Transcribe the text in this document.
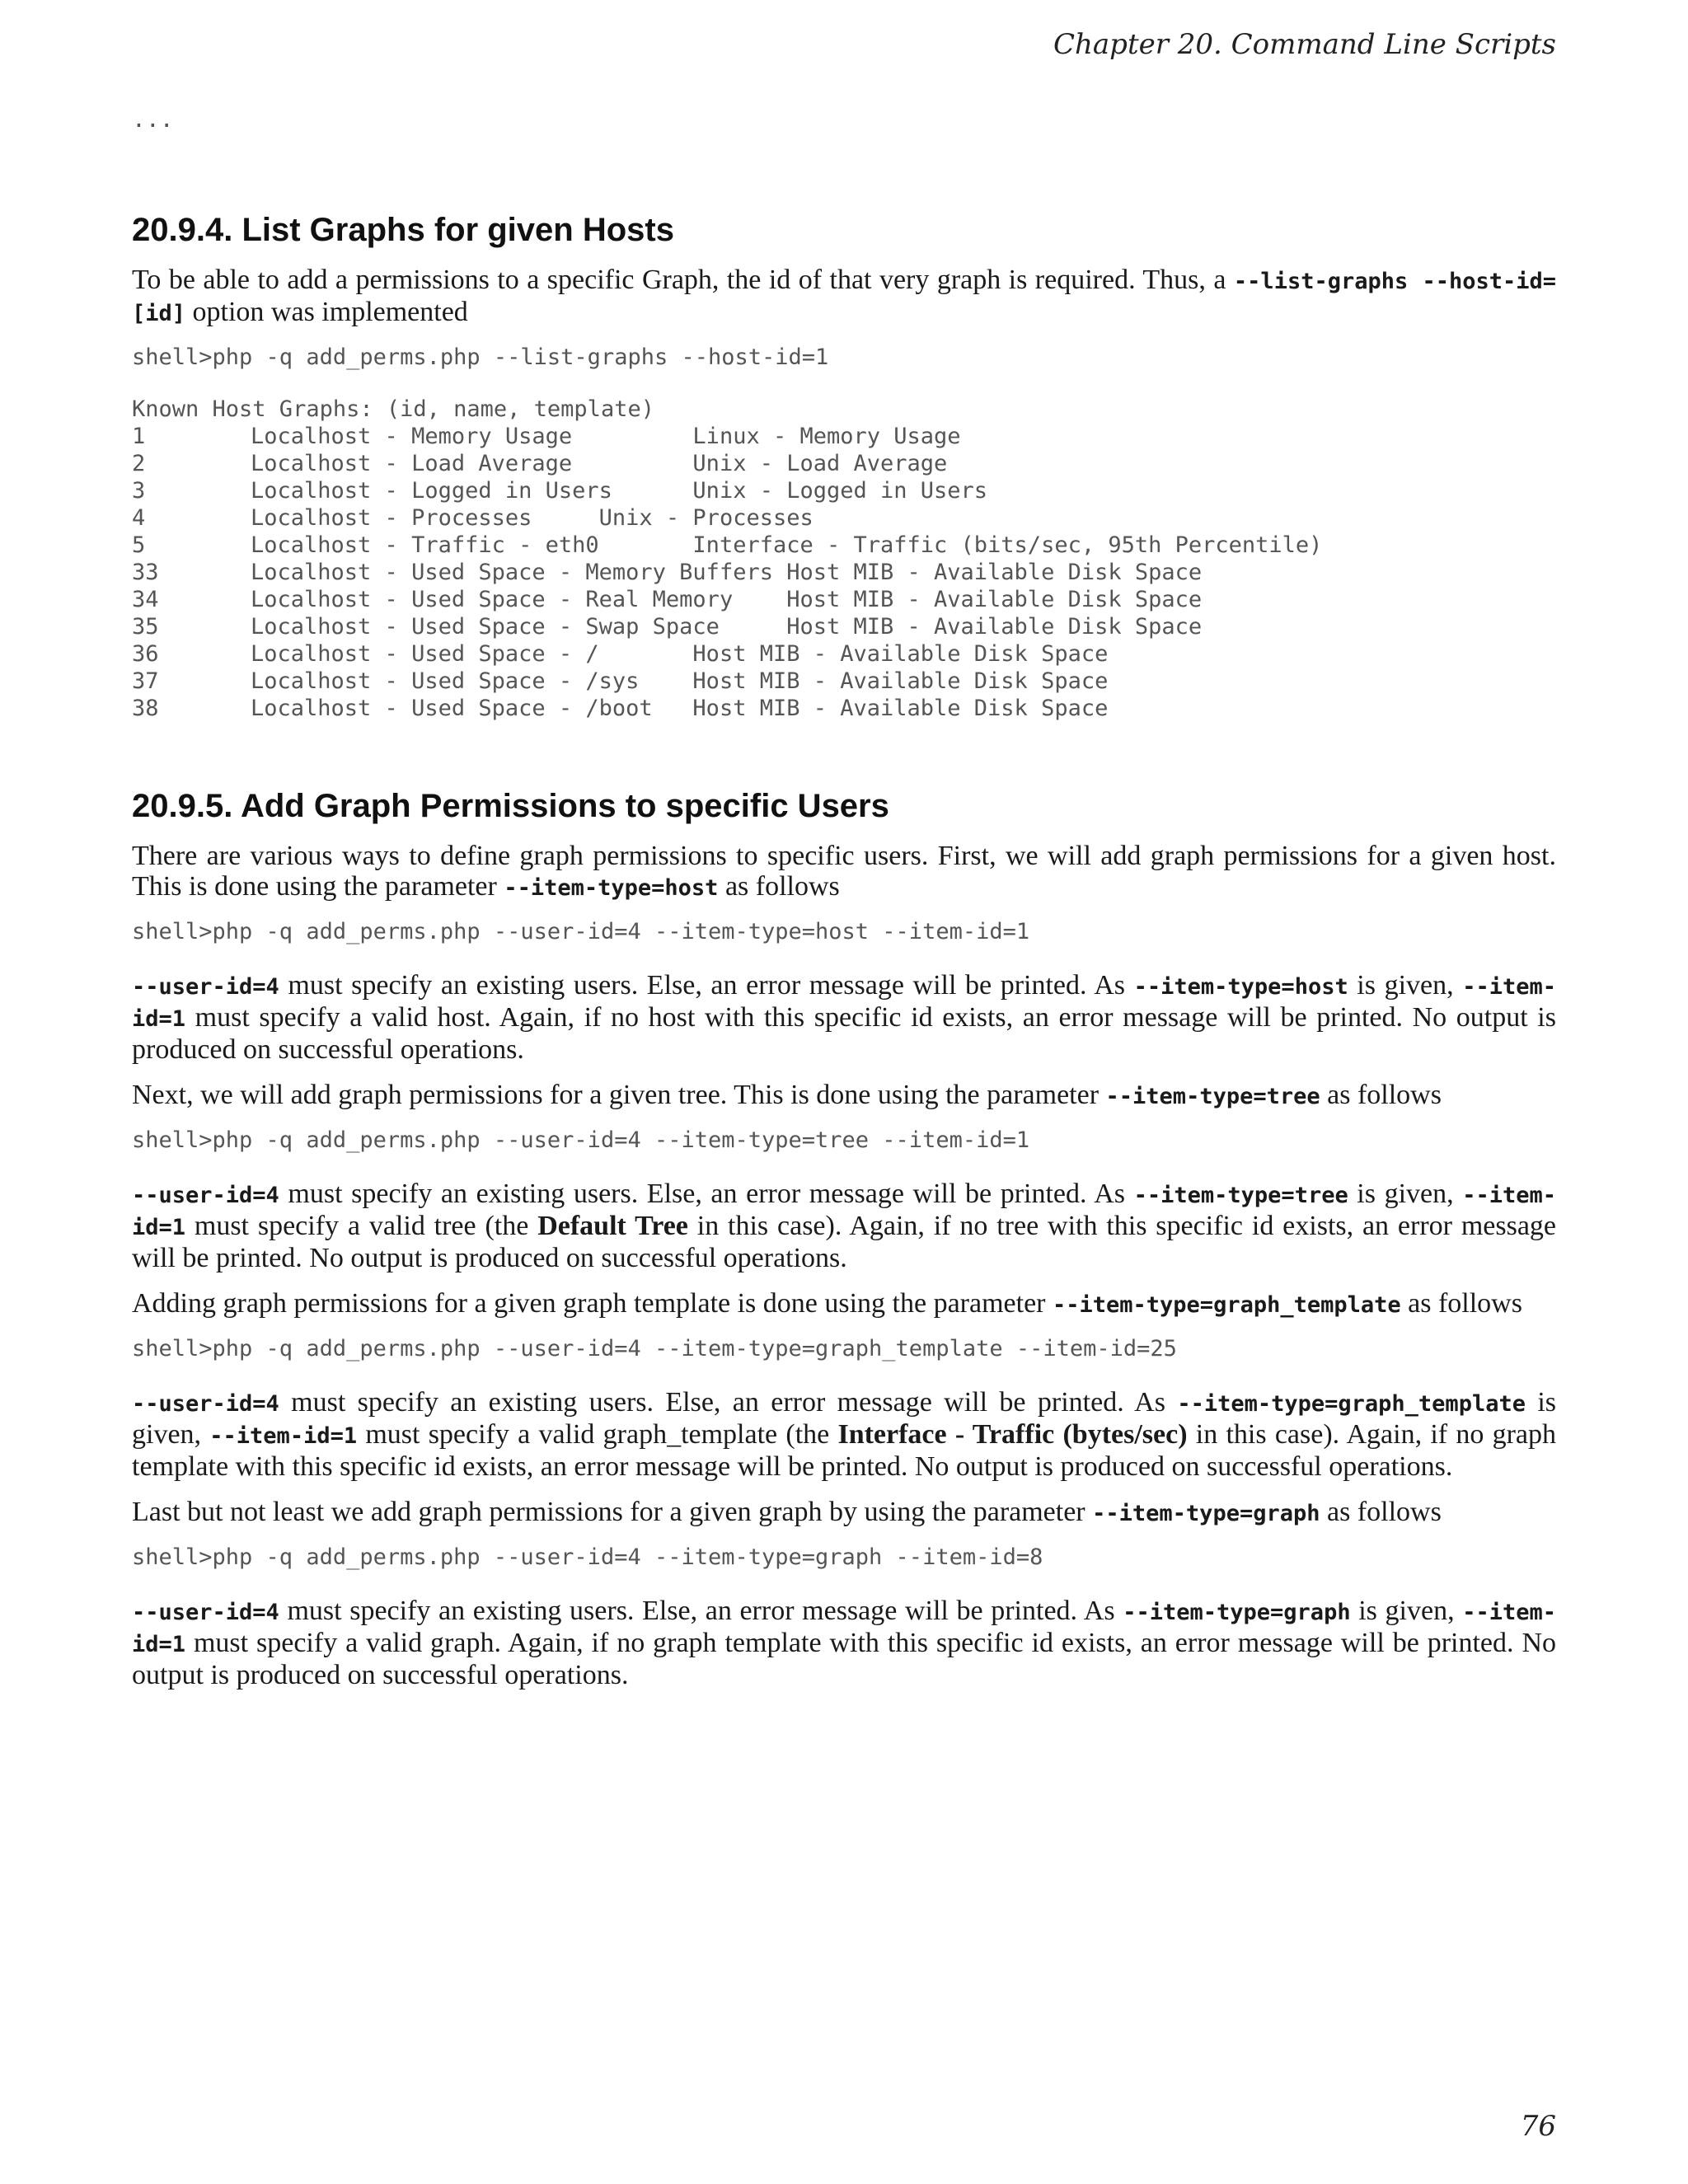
Chapter 20. Command Line Scripts
...
20.9.4. List Graphs for given Hosts

To be able to add a permissions to a specific Graph, the id of that very graph is required. Thus, a --list-graphs --host-id=[id] option was implemented

shell>php -q add_perms.php --list-graphs --host-id=1
Known Host Graphs: (id, name, template)
1	Localhost - Memory Usage         Linux - Memory Usage
2	Localhost - Load Average         Unix - Load Average
3	Localhost - Logged in Users      Unix - Logged in Users
4	Localhost - Processes     Unix - Processes
5	Localhost - Traffic - eth0       Interface - Traffic (bits/sec, 95th Percentile)
33	Localhost - Used Space - Memory Buffers Host MIB - Available Disk Space
34	Localhost - Used Space - Real Memory    Host MIB - Available Disk Space
35	Localhost - Used Space - Swap Space     Host MIB - Available Disk Space
36	Localhost - Used Space - /       Host MIB - Available Disk Space
37	Localhost - Used Space - /sys    Host MIB - Available Disk Space
38	Localhost - Used Space - /boot   Host MIB - Available Disk Space
20.9.5. Add Graph Permissions to specific Users

There are various ways to define graph permissions to specific users. First, we will add graph permissions for a given host. This is done using the parameter --item-type=host as follows

shell>php -q add_perms.php --user-id=4 --item-type=host --item-id=1

--user-id=4 must specify an existing users. Else, an error message will be printed. As --item-type=host is given, --item-id=1 must specify a valid host. Again, if no host with this specific id exists, an error message will be printed. No output is produced on successful operations.

Next, we will add graph permissions for a given tree. This is done using the parameter --item-type=tree as follows

shell>php -q add_perms.php --user-id=4 --item-type=tree --item-id=1

--user-id=4 must specify an existing users. Else, an error message will be printed. As --item-type=tree is given, --item-id=1 must specify a valid tree (the Default Tree in this case). Again, if no tree with this specific id exists, an error message will be printed. No output is produced on successful operations.

Adding graph permissions for a given graph template is done using the parameter --item-type=graph_template as follows

shell>php -q add_perms.php --user-id=4 --item-type=graph_template --item-id=25

--user-id=4 must specify an existing users. Else, an error message will be printed. As --item-type=graph_template is given, --item-id=1 must specify a valid graph_template (the Interface - Traffic (bytes/sec) in this case). Again, if no graph template with this specific id exists, an error message will be printed. No output is produced on successful operations.

Last but not least we add graph permissions for a given graph by using the parameter --item-type=graph as follows

shell>php -q add_perms.php --user-id=4 --item-type=graph --item-id=8

--user-id=4 must specify an existing users. Else, an error message will be printed. As --item-type=graph is given, --item-id=1 must specify a valid graph. Again, if no graph template with this specific id exists, an error message will be printed. No output is produced on successful operations.

76
